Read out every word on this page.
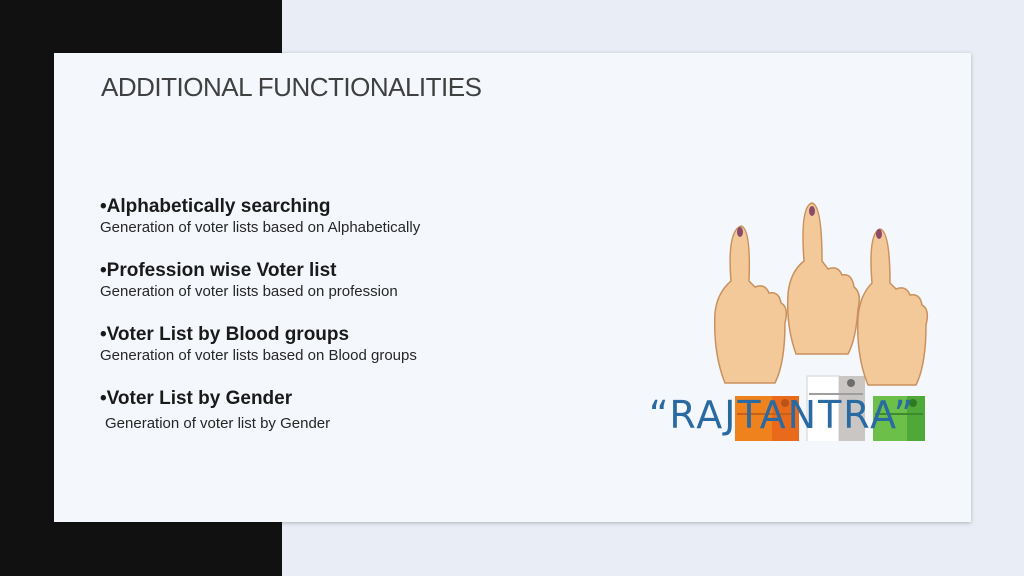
ADDITIONAL FUNCTIONALITIES
•Alphabetically searching
Generation of voter lists based on Alphabetically
•Profession wise Voter list
Generation of voter lists based on profession
•Voter List by Blood groups
Generation of voter lists based on Blood groups
•Voter List by Gender
Generation of voter list by Gender	“RAJTANTRA”
